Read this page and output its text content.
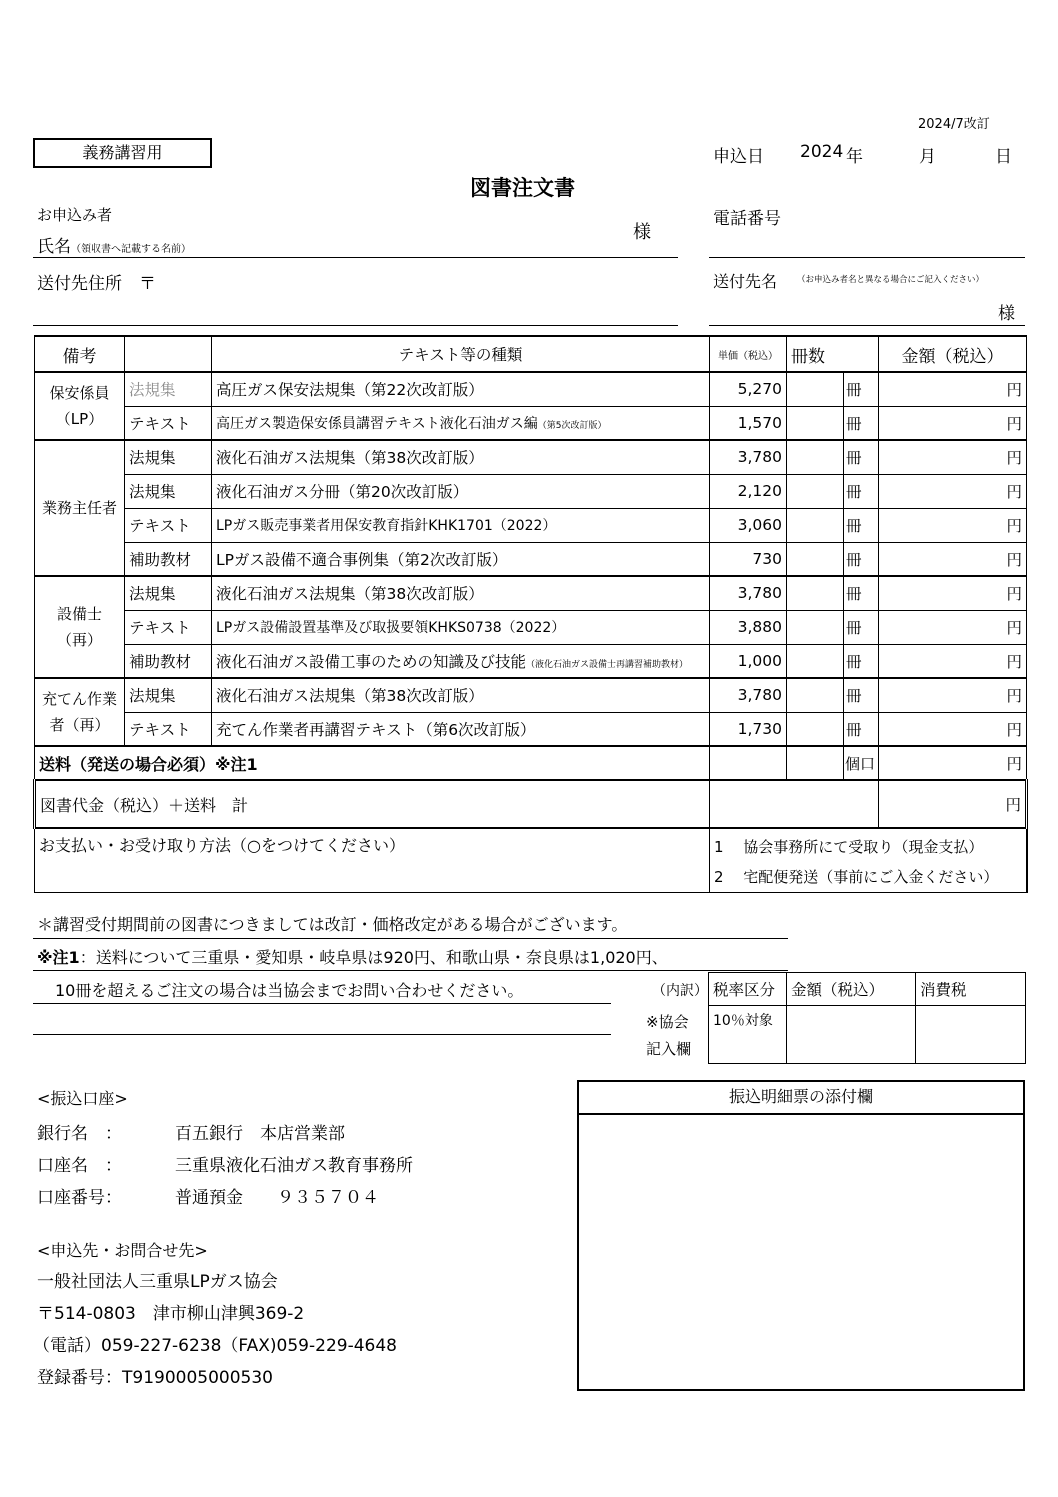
2024/7改訂
義務講習用	申込日 2024 年	月	日
図書注文書
お申込み者
氏名（領収書へ記載する名前）
様
電話番号
送付先住所　〒	送付先名 （お申込み者名と異なる場合にご記入ください）
様
備考		テキスト等の種類	単価（税込）	冊数		金額（税込）
保安係員（LP）	法規集	高圧ガス保安法規集（第22次改訂版）	5,270		冊	円
	テキスト	高圧ガス製造保安係員講習テキスト液化石油ガス編（第5次改訂版）	1,570		冊	円
業務主任者	法規集	液化石油ガス法規集（第38次改訂版）	3,780		冊	円
	法規集	液化石油ガス分冊（第20次改訂版）	2,120		冊	円
	テキスト	LPガス販売事業者用保安教育指針KHK1701（2022）	3,060		冊	円
	補助教材	LPガス設備不適合事例集（第2次改訂版）	730		冊	円
設備士（再）	法規集	液化石油ガス法規集（第38次改訂版）	3,780		冊	円
	テキスト	LPガス設備設置基準及び取扱要領KHKS0738（2022）	3,880		冊	円
	補助教材	液化石油ガス設備工事のための知識及び技能（液化石油ガス設備士再講習補助教材）	1,000		冊	円
充てん作業者（再）	法規集	液化石油ガス法規集（第38次改訂版）	3,780		冊	円
	テキスト	充てん作業者再講習テキスト（第6次改訂版）	1,730		冊	円
送料（発送の場合必須）※注1					個口	円
図書代金（税込）＋送料　計						円
お支払い・お受け取り方法（○をつけてください）			1　 協会事務所にて受取り（現金支払）
2　 宅配便発送（事前にご入金ください）			
＊講習受付期間前の図書につきましては改訂・価格改定がある場合がございます。
※注1：送料について三重県・愛知県・岐阜県は920円、和歌山県・奈良県は1,020円、
10冊を超えるご注文の場合は当協会までお問い合わせください。	（内訳）
※協会
記入欄
税率区分	金額（税込）	消費税
10％対象		
<振込口座>
銀行名　：	百五銀行　本店営業部
口座名　：	三重県液化石油ガス教育事務所
口座番号：	普通預金　　９３５７０４
<申込先・お問合せ先>
一般社団法人三重県LPガス協会
〒514-0803　津市柳山津興369-2
（電話）059-227-6238（FAX)059-229-4648
登録番号：T9190005000530
振込明細票の添付欄
